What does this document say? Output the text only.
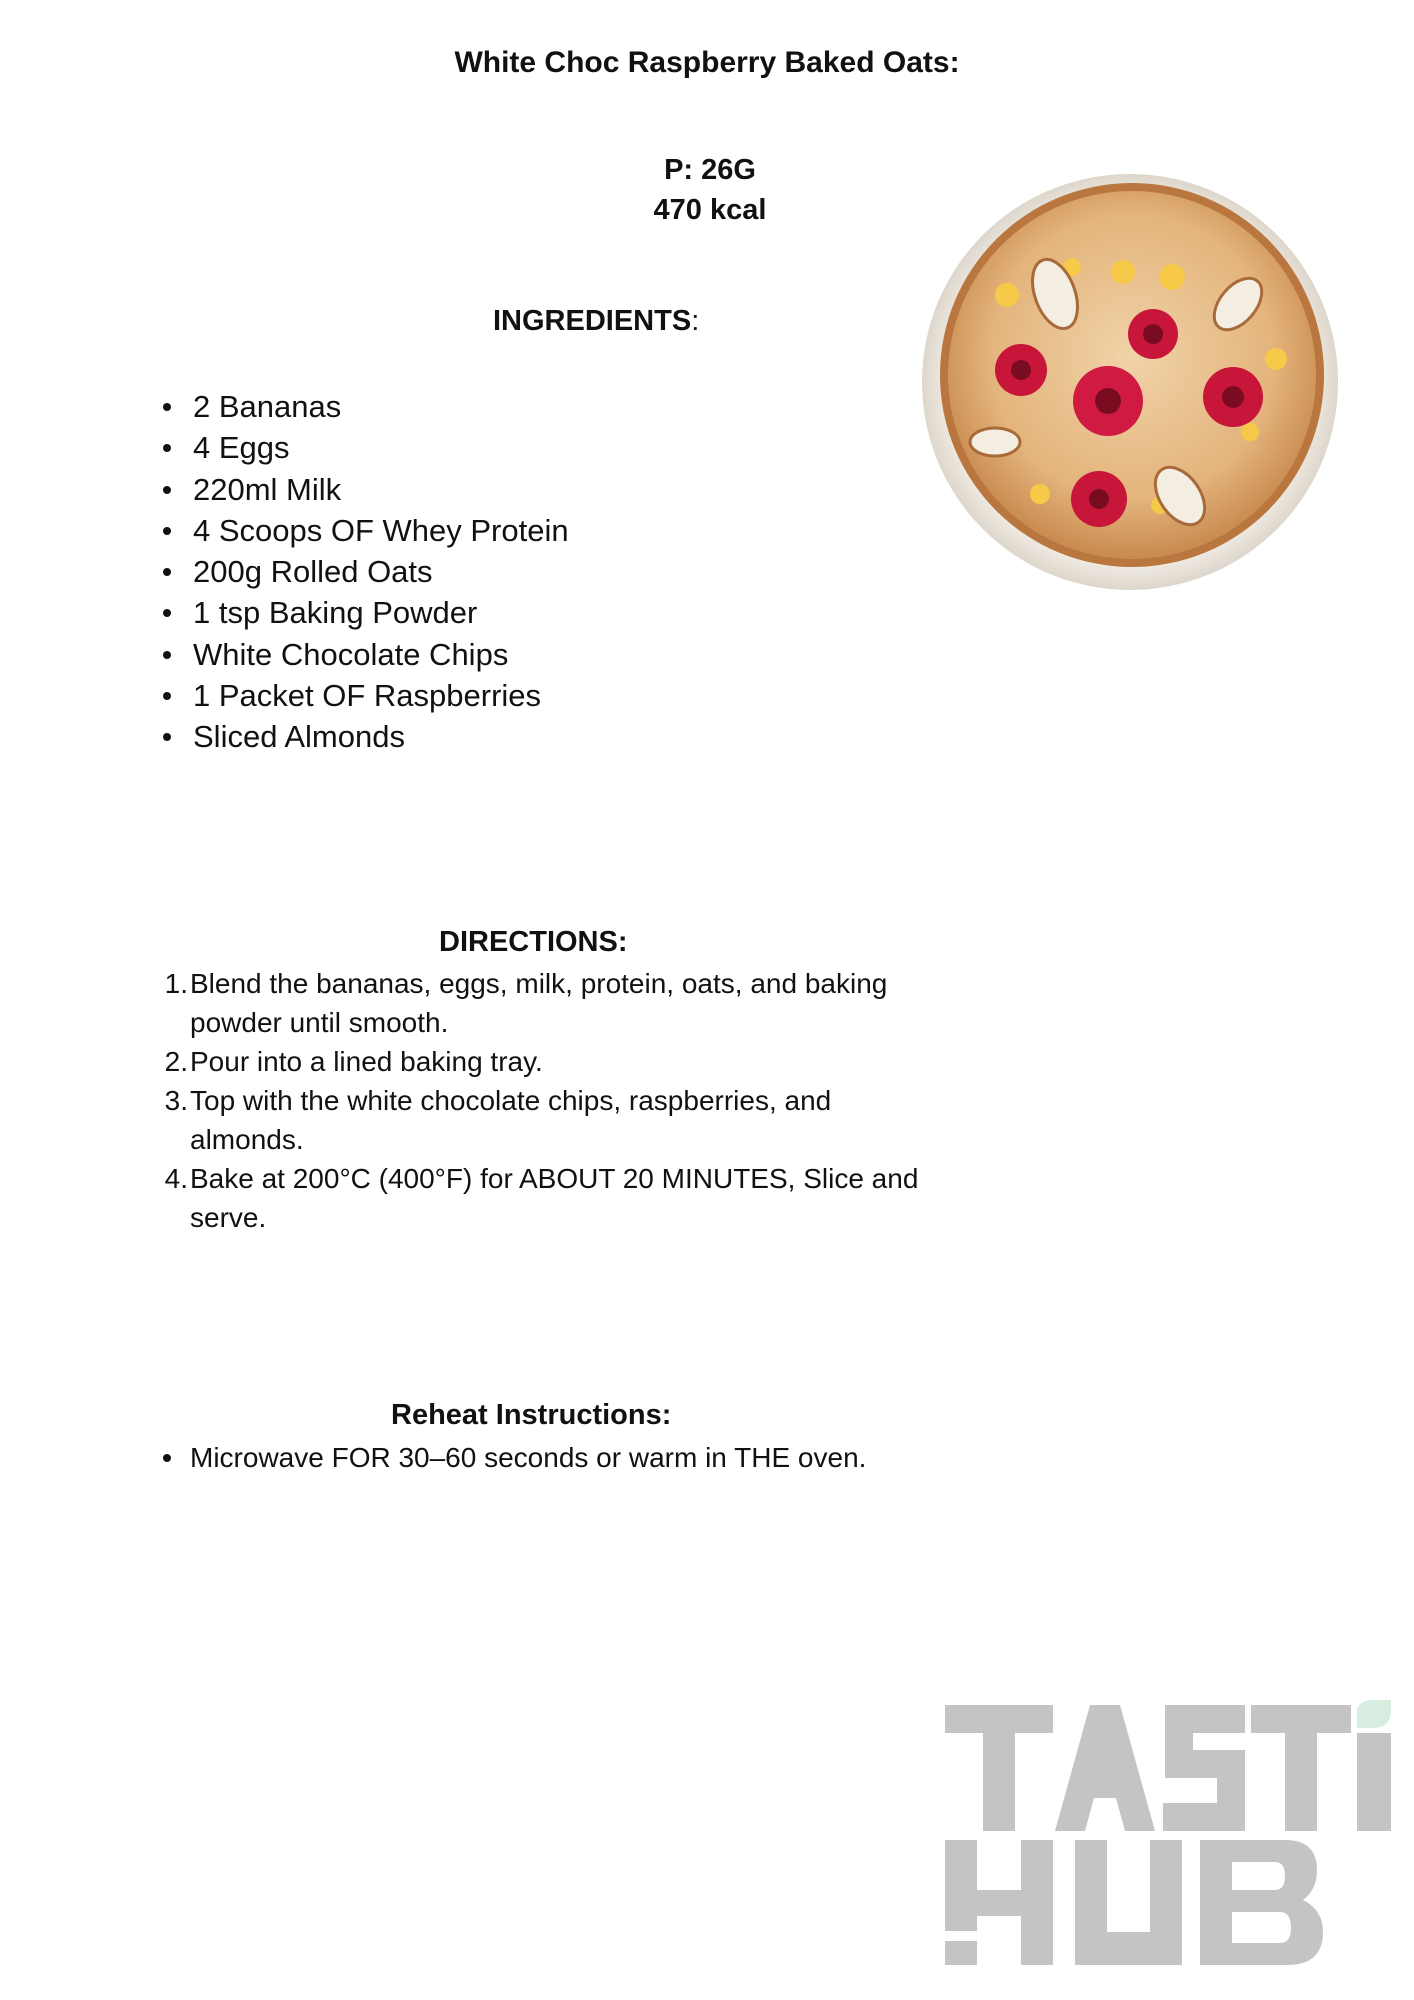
White Choc Raspberry Baked Oats:
P: 26G
470 kcal
INGREDIENTS:
2 Bananas
4 Eggs
220ml Milk
4 Scoops OF Whey Protein
200g Rolled Oats
1 tsp Baking Powder
White Chocolate Chips
1 Packet OF Raspberries
Sliced Almonds
DIRECTIONS:
1. Blend the bananas, eggs, milk, protein, oats, and baking powder until smooth.
2. Pour into a lined baking tray.
3. Top with the white chocolate chips, raspberries, and almonds.
4. Bake at 200°C (400°F) for ABOUT 20 MINUTES, Slice and serve.
Reheat Instructions:
Microwave FOR 30–60 seconds or warm in THE oven.
